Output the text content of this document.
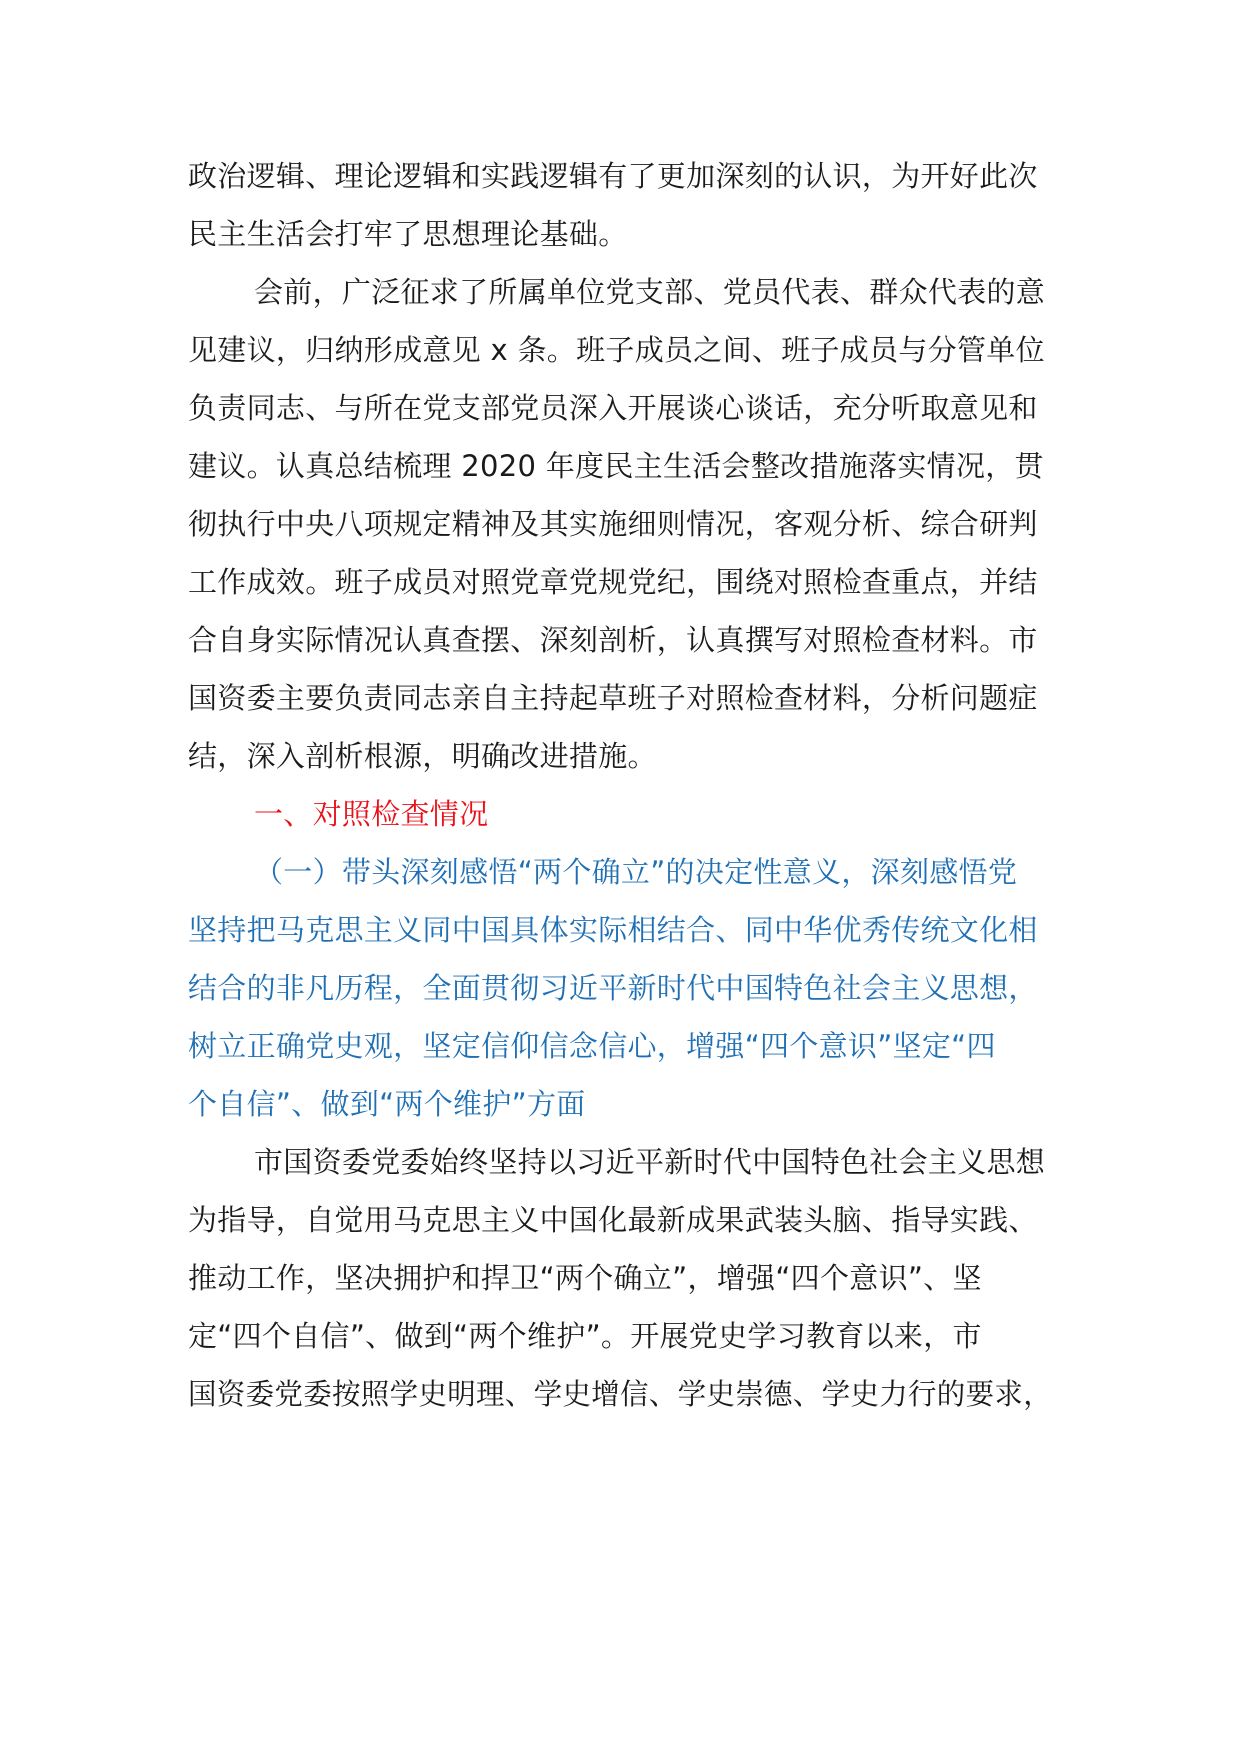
政治逻辑、理论逻辑和实践逻辑有了更加深刻的认识，为开好此次
民主生活会打牢了思想理论基础。
会前，广泛征求了所属单位党支部、党员代表、群众代表的意
见建议，归纳形成意见 x 条。班子成员之间、班子成员与分管单位
负责同志、与所在党支部党员深入开展谈心谈话，充分听取意见和
建议。认真总结梳理 2020 年度民主生活会整改措施落实情况，贯
彻执行中央八项规定精神及其实施细则情况，客观分析、综合研判
工作成效。班子成员对照党章党规党纪，围绕对照检查重点，并结
合自身实际情况认真查摆、深刻剖析，认真撰写对照检查材料。市
国资委主要负责同志亲自主持起草班子对照检查材料，分析问题症
结，深入剖析根源，明确改进措施。
一、对照检查情况
（一）带头深刻感悟“两个确立”的决定性意义，深刻感悟党
坚持把马克思主义同中国具体实际相结合、同中华优秀传统文化相
结合的非凡历程，全面贯彻习近平新时代中国特色社会主义思想，
树立正确党史观，坚定信仰信念信心，增强“四个意识”坚定“四
个自信”、做到“两个维护”方面
市国资委党委始终坚持以习近平新时代中国特色社会主义思想
为指导，自觉用马克思主义中国化最新成果武装头脑、指导实践、
推动工作，坚决拥护和捍卫“两个确立”，增强“四个意识”、坚
定“四个自信”、做到“两个维护”。开展党史学习教育以来，市
国资委党委按照学史明理、学史增信、学史崇德、学史力行的要求，
